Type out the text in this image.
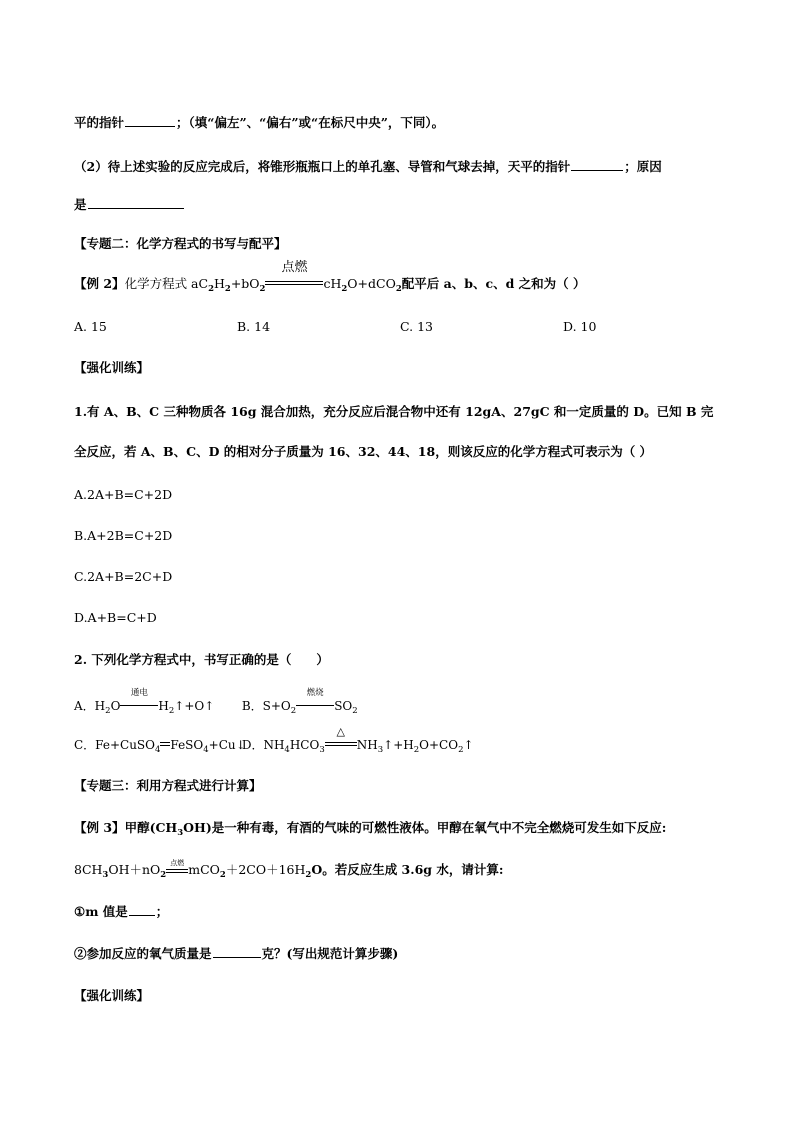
平的指针	；（填“偏左”、“偏右”或“在标尺中央”，下同）。
（2）待上述实验的反应完成后，将锥形瓶瓶口上的单孔塞、导管和气球去掉，天平的指针	；原因
是
【专题二：化学方程式的书写与配平】
【例 2】化学方程式 $aC_2H_2+bO_2$
点燃
$cH_2O+dCO_2$配平后 a、b、c、d 之和为（ ）
A. 15	B. 14	C. 13	D. 10
【强化训练】
1.有 A、B、C 三种物质各 16g 混合加热，充分反应后混合物中还有 12gA、27gC 和一定质量的 D。已知 B 完
全反应，若 A、B、C、D 的相对分子质量为 16、32、44、18，则该反应的化学方程式可表示为（ ）
A.2A+B=C+2D
B.A+2B=C+2D
C.2A+B=2C+D
D.A+B=C+D
2. 下列化学方程式中，书写正确的是（　　）
A．$H_2O$
通电
$H_2↑+O↑$ B．$S+O_2$
燃烧
$SO_2$
C．Fe+CuSO$_4$ FeSO$_4$+Cu↓ D．$NH_4HCO_3$
△
$NH_3↑+H_2O+CO_2↑$
【专题三：利用方程式进行计算】
【例 3】甲醇$(CH_3OH)$是一种有毒，有酒的气味的可燃性液体。甲醇在氧气中不完全燃烧可发生如下反应:
$8CH_3OH+nO_2$
点燃 $mCO_2+2CO+16H_2O$。若反应生成 3.6g 水，请计算:
①m 值是 ；
②参加反应的氧气质量是	克？(写出规范计算步骤)
【强化训练】
